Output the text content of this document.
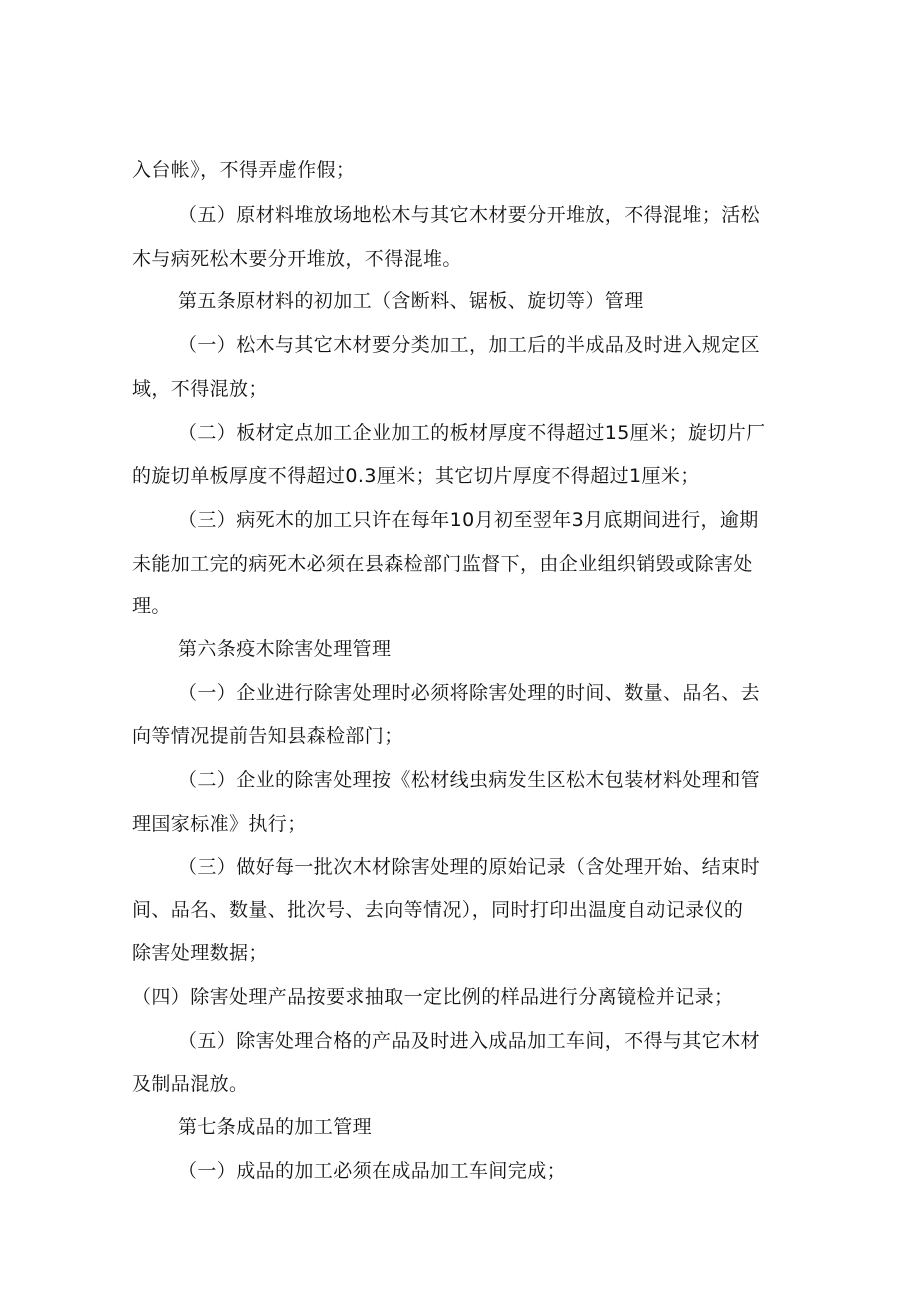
入台帐》，不得弄虚作假；
（五）原材料堆放场地松木与其它木材要分开堆放，不得混堆；活松
木与病死松木要分开堆放，不得混堆。
第五条原材料的初加工（含断料、锯板、旋切等）管理
（一）松木与其它木材要分类加工，加工后的半成品及时进入规定区
域，不得混放；
（二）板材定点加工企业加工的板材厚度不得超过15厘米；旋切片厂
的旋切单板厚度不得超过0.3厘米；其它切片厚度不得超过1厘米；
（三）病死木的加工只许在每年10月初至翌年3月底期间进行，逾期
未能加工完的病死木必须在县森检部门监督下，由企业组织销毁或除害处
理。
第六条疫木除害处理管理
（一）企业进行除害处理时必须将除害处理的时间、数量、品名、去
向等情况提前告知县森检部门；
（二）企业的除害处理按《松材线虫病发生区松木包装材料处理和管
理国家标准》执行；
（三）做好每一批次木材除害处理的原始记录（含处理开始、结束时
间、品名、数量、批次号、去向等情况），同时打印出温度自动记录仪的
除害处理数据；
（四）除害处理产品按要求抽取一定比例的样品进行分离镜检并记录；
（五）除害处理合格的产品及时进入成品加工车间，不得与其它木材
及制品混放。
第七条成品的加工管理
（一）成品的加工必须在成品加工车间完成；
